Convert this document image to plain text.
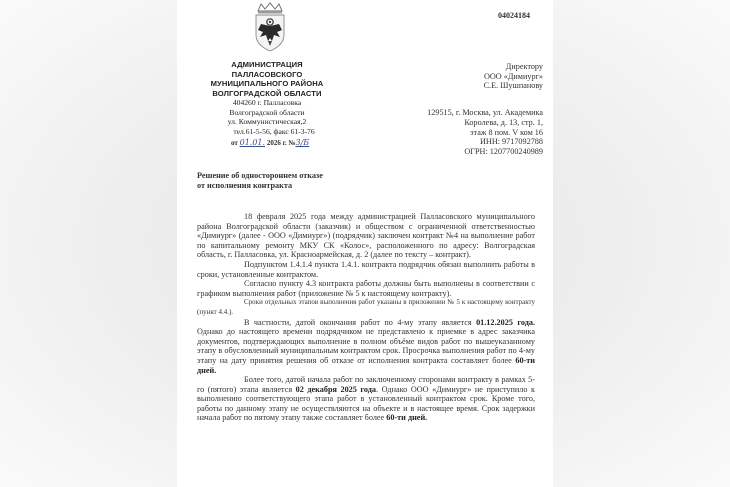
04024184
АДМИНИСТРАЦИЯ
ПАЛЛАСОВСКОГО
МУНИЦИПАЛЬНОГО РАЙОНА
ВОЛГОГРАДСКОЙ ОБЛАСТИ
404260 г. Палласовка
Волгоградской области
ул. Коммунистическая,2
тел.61-5-56, факс 61-3-76
от 01.01. 2026 г. №3/Б
Директору
ООО «Димиург»
С.Е. Шушпанову
129515, г. Москва, ул. Академика
Королева, д. 13, стр. 1,
этаж 8 пом. V ком 16
ИНН: 9717092788
ОГРН: 1207700240989
Решение об одностороннем отказе
от исполнения контракта

18 февраля 2025 года между администрацией Палласовского муниципального района Волгоградской области (заказчик) и обществом с ограниченной ответственностью «Димиург» (далее - ООО «Димиург») (подрядчик) заключен контракт №4 на выполнение работ по капитальному ремонту МКУ СК «Колос», расположенного по адресу: Волгоградская область, г. Палласовка, ул. Красноармейская, д. 2 (далее по тексту – контракт).

Подпунктом 1.4.1.4 пункта 1.4.1. контракта подрядчик обязан выполнить работы в сроки, установленные контрактом.

Согласно пункту 4.3 контракта работы должны быть выполнены в соответствии с графиком выполнения работ (приложение № 5 к настоящему контракту).

Сроки отдельных этапов выполнения работ указаны в приложении № 5 к настоящему контракту (пункт 4.4.).

В частности, датой окончания работ по 4-му этапу является 01.12.2025 года. Однако до настоящего времени подрядчиком не представлено к приемке в адрес заказчика документов, подтверждающих выполнение в полном объёме видов работ по вышеуказанному этапу в обусловленный муниципальным контрактом срок. Просрочка выполнения работ по 4-му этапу на дату принятия решения об отказе от исполнения контракта составляет более 60-ти дней.

Более того, датой начала работ по заключенному сторонами контракту в рамках 5-го (пятого) этапа является 02 декабря 2025 года. Однако ООО «Димиург» не приступило к выполнению соответствующего этапа работ в установленный контрактом срок. Кроме того, работы по данному этапу не осуществляются на объекте и в настоящее время. Срок задержки начала работ по пятому этапу также составляет более 60-ти дней.
